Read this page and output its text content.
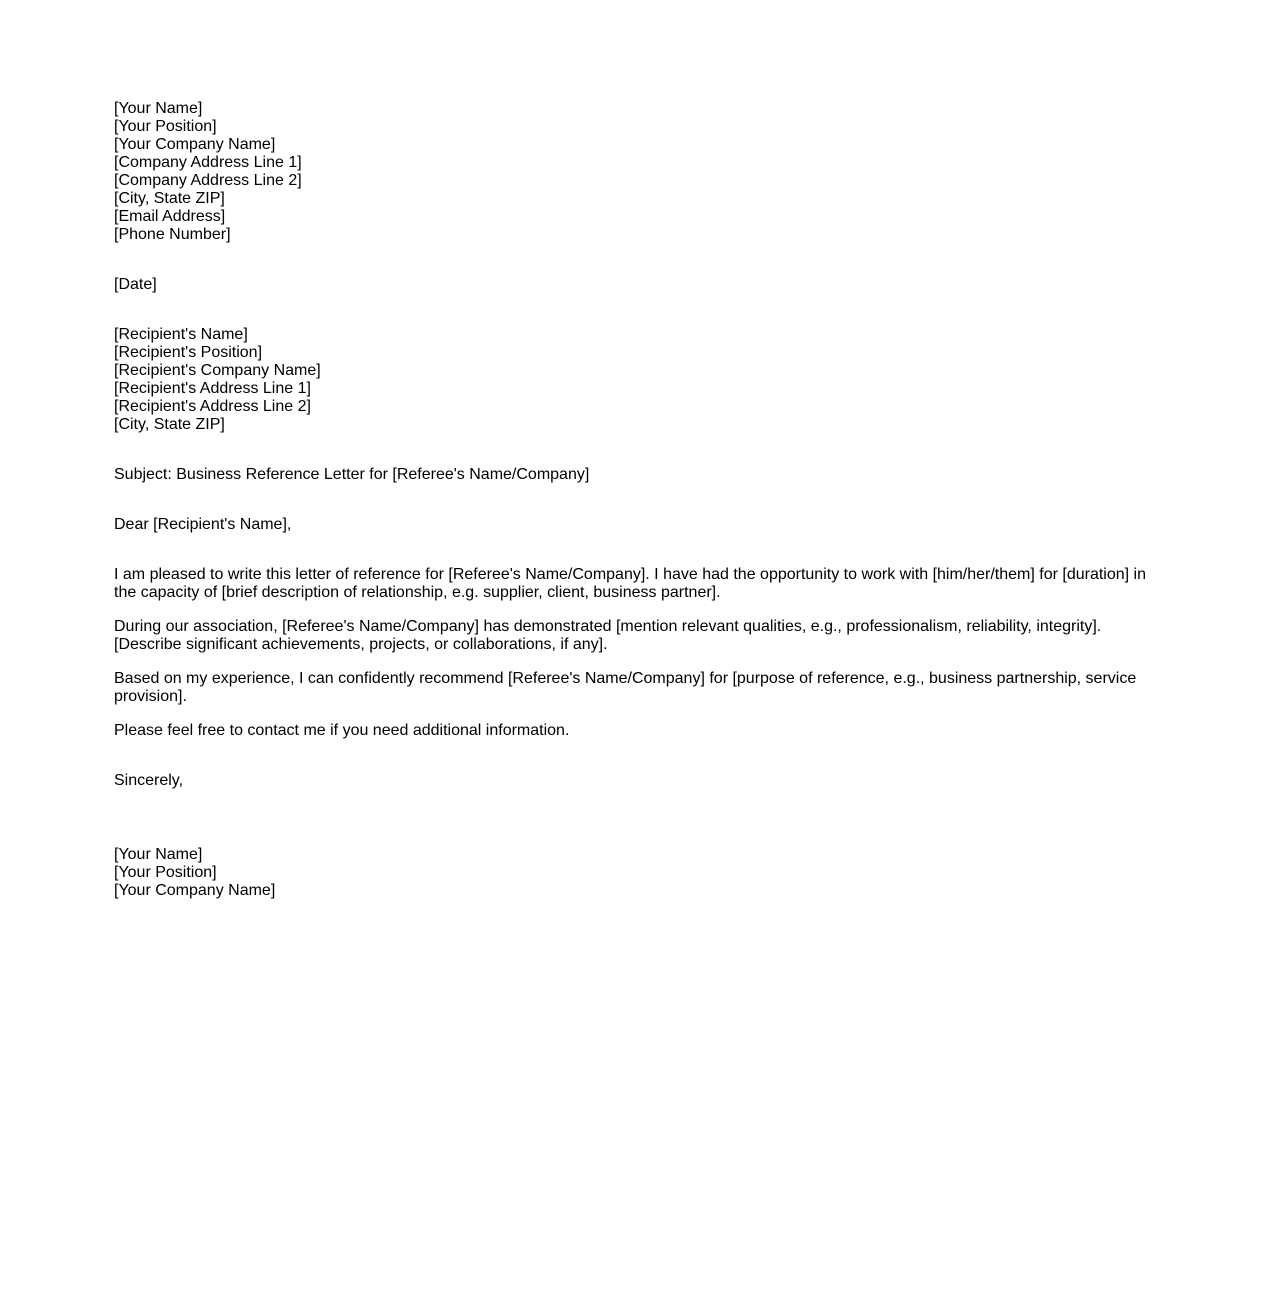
[Your Name]
[Your Position]
[Your Company Name]
[Company Address Line 1]
[Company Address Line 2]
[City, State ZIP]
[Email Address]
[Phone Number]
[Date]
[Recipient's Name]
[Recipient's Position]
[Recipient's Company Name]
[Recipient's Address Line 1]
[Recipient's Address Line 2]
[City, State ZIP]
Subject: Business Reference Letter for [Referee's Name/Company]
Dear [Recipient's Name],

I am pleased to write this letter of reference for [Referee's Name/Company]. I have had the opportunity to work with [him/her/them] for [duration] in the capacity of [brief description of relationship, e.g. supplier, client, business partner].

During our association, [Referee's Name/Company] has demonstrated [mention relevant qualities, e.g., professionalism, reliability, integrity]. [Describe significant achievements, projects, or collaborations, if any].

Based on my experience, I can confidently recommend [Referee's Name/Company] for [purpose of reference, e.g., business partnership, service provision].

Please feel free to contact me if you need additional information.

Sincerely,
[Your Name]
[Your Position]
[Your Company Name]
